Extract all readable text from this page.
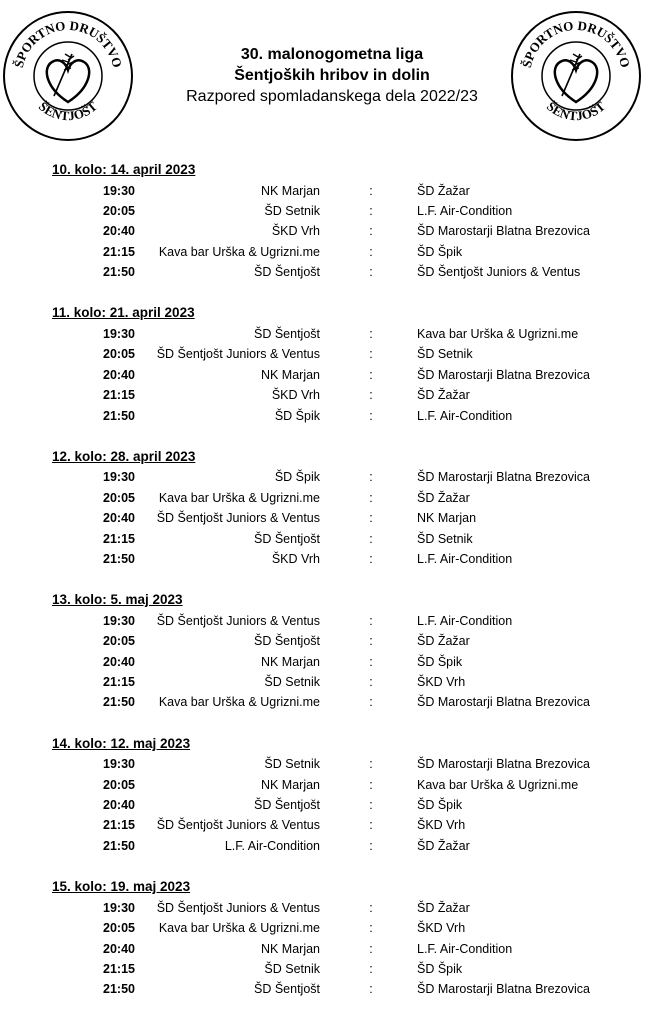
ŠPORTNO DRUŠTVO
ŠENTJOŠT
ŠPORTNO DRUŠTVO
ŠENTJOŠT
30. malonogometna liga
Šentjoških hribov in dolin
Razpored spomladanskega dela 2022/23
10. kolo: 14. april 2023
19:30	NK Marjan	:	ŠD Žažar
20:05	ŠD Setnik	:	L.F. Air-Condition
20:40	ŠKD Vrh	:	ŠD Marostarji Blatna Brezovica
21:15	Kava bar Urška & Ugrizni.me	:	ŠD Špik
21:50	ŠD Šentjošt	:	ŠD Šentjošt Juniors & Ventus
11. kolo: 21. april 2023
19:30	ŠD Šentjošt	:	Kava bar Urška & Ugrizni.me
20:05	ŠD Šentjošt Juniors & Ventus	:	ŠD Setnik
20:40	NK Marjan	:	ŠD Marostarji Blatna Brezovica
21:15	ŠKD Vrh	:	ŠD Žažar
21:50	ŠD Špik	:	L.F. Air-Condition
12. kolo: 28. april 2023
19:30	ŠD Špik	:	ŠD Marostarji Blatna Brezovica
20:05	Kava bar Urška & Ugrizni.me	:	ŠD Žažar
20:40	ŠD Šentjošt Juniors & Ventus	:	NK Marjan
21:15	ŠD Šentjošt	:	ŠD Setnik
21:50	ŠKD Vrh	:	L.F. Air-Condition
13. kolo: 5. maj 2023
19:30	ŠD Šentjošt Juniors & Ventus	:	L.F. Air-Condition
20:05	ŠD Šentjošt	:	ŠD Žažar
20:40	NK Marjan	:	ŠD Špik
21:15	ŠD Setnik	:	ŠKD Vrh
21:50	Kava bar Urška & Ugrizni.me	:	ŠD Marostarji Blatna Brezovica
14. kolo: 12. maj 2023
19:30	ŠD Setnik	:	ŠD Marostarji Blatna Brezovica
20:05	NK Marjan	:	Kava bar Urška & Ugrizni.me
20:40	ŠD Šentjošt	:	ŠD Špik
21:15	ŠD Šentjošt Juniors & Ventus	:	ŠKD Vrh
21:50	L.F. Air-Condition	:	ŠD Žažar
15. kolo: 19. maj 2023
19:30	ŠD Šentjošt Juniors & Ventus	:	ŠD Žažar
20:05	Kava bar Urška & Ugrizni.me	:	ŠKD Vrh
20:40	NK Marjan	:	L.F. Air-Condition
21:15	ŠD Setnik	:	ŠD Špik
21:50	ŠD Šentjošt	:	ŠD Marostarji Blatna Brezovica
